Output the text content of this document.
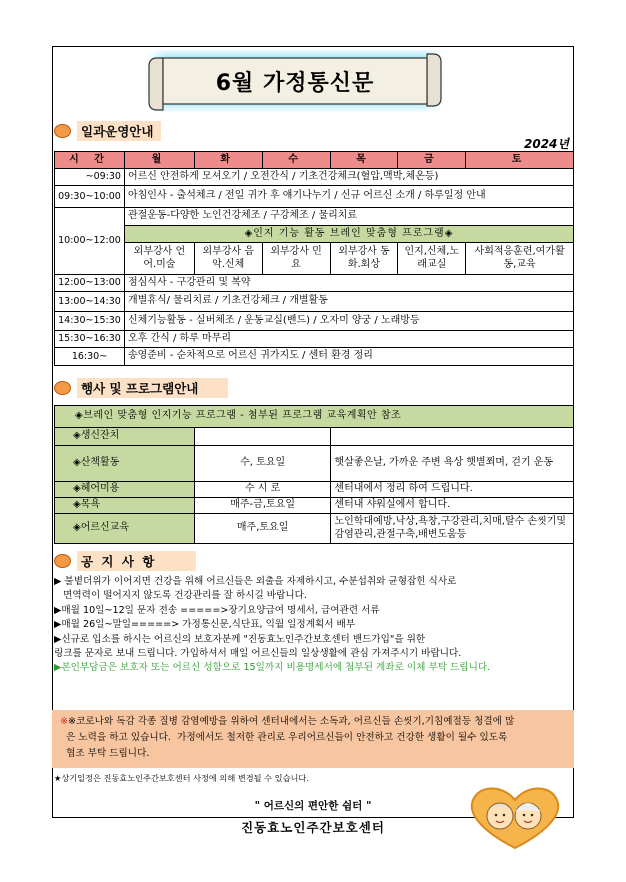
6월 가정통신문
일과운영안내
2024년
시 간	월	화	수	목	금	토
~09:30	어르신 안전하게 모셔오기 / 오전간식 / 기초건강체크(혈압,맥박,체온등)					
09:30~10:00	아침인사 - 출석체크 / 전일 귀가 후 얘기나누기 / 신규 어르신 소개 / 하루일정 안내					
10:00~12:00	관절운동-다양한 노인건강체조 / 구강체조 / 물리치료					
	◈인지 기능 활동 브레인 맞춤형 프로그램◈					
	외부강사 언어.미술	외부강사 음악.신체	외부강사 민요	외부강사 동화.회상	인지,신체,노래교실	사회적응훈련,여가활동,교육
12:00~13:00	점심식사 - 구강관리 및 복약					
13:00~14:30	개별휴식/ 물리치료 / 기초건강체크 / 개별활동					
14:30~15:30	신체기능활동 - 실버체조 / 운동교실(밴드) / 오자미 양궁 / 노래방등					
15:30~16:30	오후 간식 / 하루 마무리					
16:30~	송영준비 - 순차적으로 어르신 귀가지도 / 센터 환경 정리					
행사 및 프로그램안내
◈브레인 맞춤형 인지기능 프로그램 - 첨부된 프로그램 교육계획안 참조		
◈생신잔치		
◈산책활동	수, 토요일	햇살좋은날, 가까운 주변 욕상 햇볕쬐며, 걷기 운동
◈헤어미용	수 시 로	센터내에서 정리 하여 드립니다.
◈목욕	매주-금,토요일	센터내 샤워실에서 합니다.
◈어르신교육	매주,토요일	노인학대예방,낙상,욕창,구강관리,치매,탈수 손씻기및감염관리,관절구축,배변도움등
공 지 사 항
▶ 불볕더위가 이어지면 건강을 위해 어르신들은 외출을 자제하시고, 수분섭취와 균형잡힌 식사로
면역력이 떨어지지 않도록 건강관리를 잘 하시길 바랍니다.
▶매월 10일~12일 문자 전송 =====>장기요양급여 명세서, 급여관련 서류
▶매월 26일~말일=====> 가정통신문,식단표, 익월 일정계획서 배부
▶신규로 입소를 하시는 어르신의 보호자분께 "진동효노인주간보호센터 밴드가입"을 위한
링크를 문자로 보내 드립니다. 가입하셔서 매일 어르신들의 일상생활에 관심 가져주시기 바랍니다.
▶본인부담금은 보호자 또는 어르신 성함으로 15일까지 비용명세서에 첨부된 계좌로 이체 부탁 드립니다.
※※코로나와 독감 각종 질병 감염예방을 위하여 센터내에서는 소독과, 어르신들 손씻기,기침예절등 청결에 많
은 노력을 하고 있습니다.  가정에서도 철저한 관리로 우리어르신들이 안전하고 건강한 생활이 될수 있도록
협조 부탁 드립니다.
★상기일정은 진동효노인주간보호센터 사정에 의해 변경될 수 있습니다.
" 어르신의 편안한 쉼터 "
진동효노인주간보호센터
